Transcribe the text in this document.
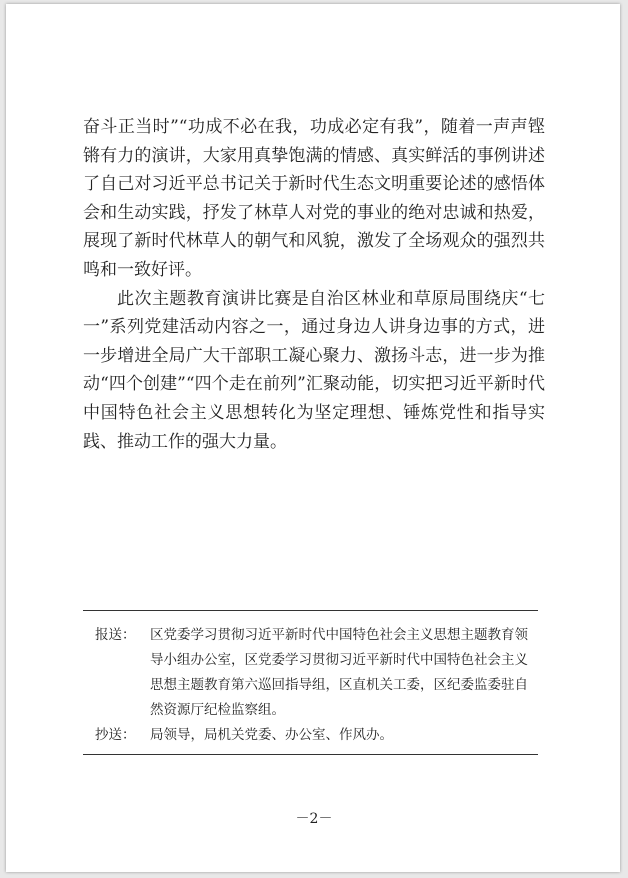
奋斗正当时”“功成不必在我，功成必定有我”，随着一声声铿锵有力的演讲，大家用真挚饱满的情感、真实鲜活的事例讲述了自己对习近平总书记关于新时代生态文明重要论述的感悟体会和生动实践，抒发了林草人对党的事业的绝对忠诚和热爱，展现了新时代林草人的朝气和风貌，激发了全场观众的强烈共鸣和一致好评。

此次主题教育演讲比赛是自治区林业和草原局围绕庆“七一”系列党建活动内容之一，通过身边人讲身边事的方式，进一步增进全局广大干部职工凝心聚力、激扬斗志，进一步为推动“四个创建”“四个走在前列”汇聚动能，切实把习近平新时代中国特色社会主义思想转化为坚定理想、锤炼党性和指导实践、推动工作的强大力量。

报送：	区党委学习贯彻习近平新时代中国特色社会主义思想主题教育领导小组办公室，区党委学习贯彻习近平新时代中国特色社会主义思想主题教育第六巡回指导组，区直机关工委，区纪委监委驻自然资源厅纪检监察组。
抄送：	局领导，局机关党委、办公室、作风办。
－2－
